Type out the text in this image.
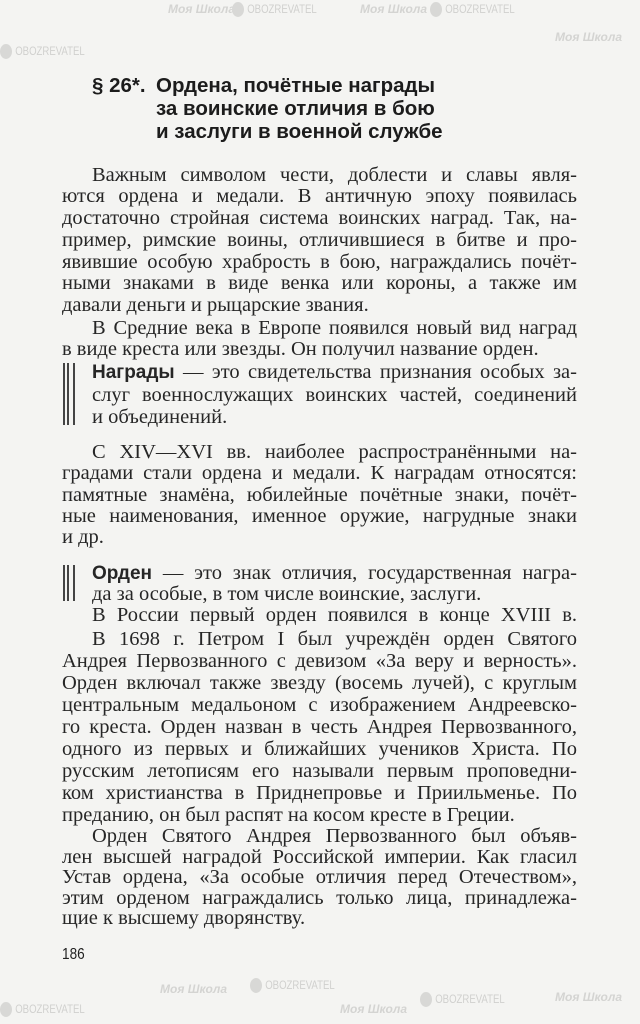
Моя Школа	OBOZREVATEL	Моя Школа	OBOZREVATEL
Моя Школа
OBOZREVATEL
Моя Школа	OBOZREVATEL
Моя Школа
OBOZREVATEL	Моя Школа
OBOZREVATEL
§ 26*. Ордена, почётные награды
за воинские отличия в бою
и заслуги в военной службе
Важным символом чести, доблести и славы явля-
ются ордена и медали. В античную эпоху появилась
достаточно стройная система воинских наград. Так, на-
пример, римские воины, отличившиеся в битве и про-
явившие особую храбрость в бою, награждались почёт-
ными знаками в виде венка или короны, а также им
давали деньги и рыцарские звания.
В Средние века в Европе появился новый вид наград
в виде креста или звезды. Он получил название орден.
Награды — это свидетельства признания особых за-
слуг военнослужащих воинских частей, соединений
и объединений.
С XIV—XVI вв. наиболее распространёнными на-
градами стали ордена и медали. К наградам относятся:
памятные знамёна, юбилейные почётные знаки, почёт-
ные наименования, именное оружие, нагрудные знаки
и др.
Орден — это знак отличия, государственная награ-
да за особые, в том числе воинские, заслуги.
В России первый орден появился в конце XVIII в.
В 1698 г. Петром I был учреждён орден Святого
Андрея Первозванного с девизом «За веру и верность».
Орден включал также звезду (восемь лучей), с круглым
центральным медальоном с изображением Андреевско-
го креста. Орден назван в честь Андрея Первозванного,
одного из первых и ближайших учеников Христа. По
русским летописям его называли первым проповедни-
ком христианства в Приднепровье и Приильменье. По
преданию, он был распят на косом кресте в Греции.
Орден Святого Андрея Первозванного был объяв-
лен высшей наградой Российской империи. Как гласил
Устав ордена, «За особые отличия перед Отечеством»,
этим орденом награждались только лица, принадлежа-
щие к высшему дворянству.
186
